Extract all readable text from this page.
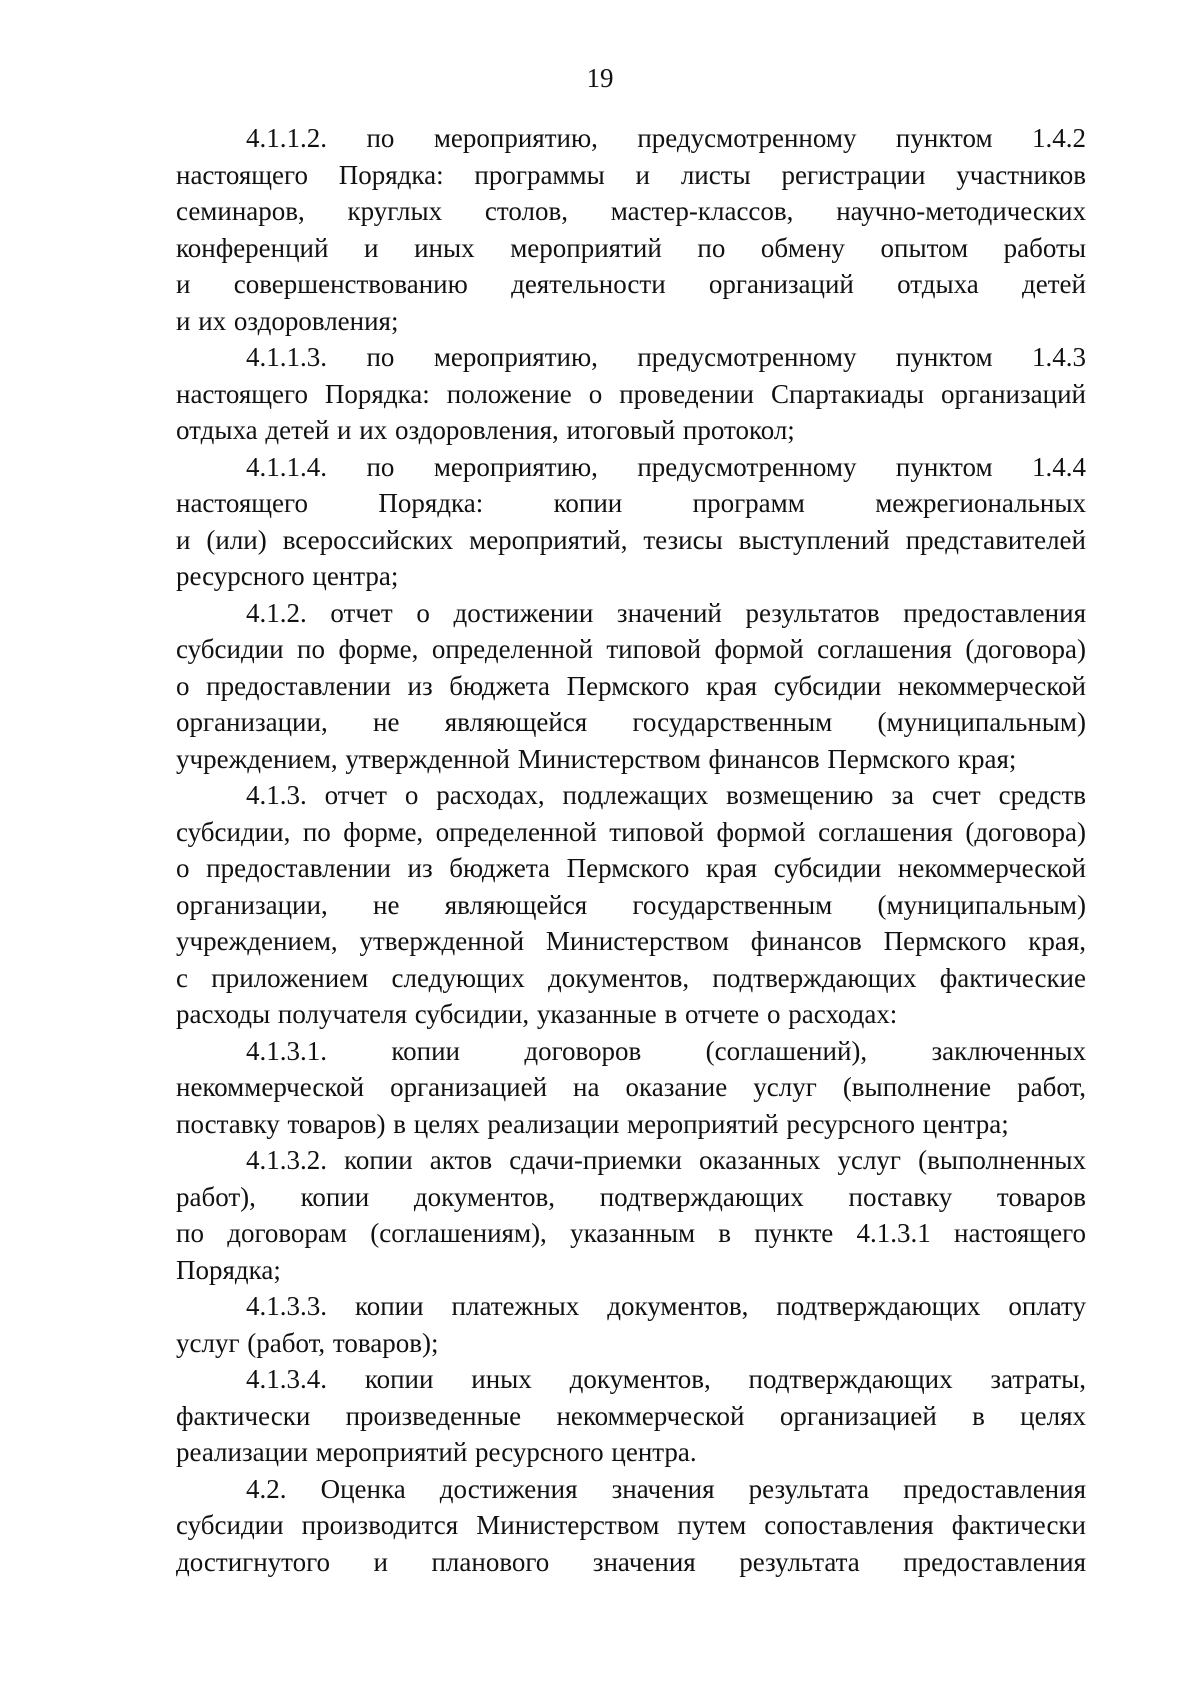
19
4.1.1.2. по мероприятию, предусмотренному пунктом 1.4.2
настоящего Порядка: программы и листы регистрации участников
семинаров, круглых столов, мастер-классов, научно-методических
конференций и иных мероприятий по обмену опытом работы
и совершенствованию деятельности организаций отдыха детей
и их оздоровления;
4.1.1.3. по мероприятию, предусмотренному пунктом 1.4.3
настоящего Порядка: положение о проведении Спартакиады организаций
отдыха детей и их оздоровления, итоговый протокол;
4.1.1.4. по мероприятию, предусмотренному пунктом 1.4.4
настоящего Порядка: копии программ межрегиональных
и (или) всероссийских мероприятий, тезисы выступлений представителей
ресурсного центра;
4.1.2. отчет о достижении значений результатов предоставления
субсидии по форме, определенной типовой формой соглашения (договора)
о предоставлении из бюджета Пермского края субсидии некоммерческой
организации, не являющейся государственным (муниципальным)
учреждением, утвержденной Министерством финансов Пермского края;
4.1.3. отчет о расходах, подлежащих возмещению за счет средств
субсидии, по форме, определенной типовой формой соглашения (договора)
о предоставлении из бюджета Пермского края субсидии некоммерческой
организации, не являющейся государственным (муниципальным)
учреждением, утвержденной Министерством финансов Пермского края,
с приложением следующих документов, подтверждающих фактические
расходы получателя субсидии, указанные в отчете о расходах:
4.1.3.1. копии договоров (соглашений), заключенных
некоммерческой организацией на оказание услуг (выполнение работ,
поставку товаров) в целях реализации мероприятий ресурсного центра;
4.1.3.2. копии актов сдачи-приемки оказанных услуг (выполненных
работ), копии документов, подтверждающих поставку товаров
по договорам (соглашениям), указанным в пункте 4.1.3.1 настоящего
Порядка;
4.1.3.3. копии платежных документов, подтверждающих оплату
услуг (работ, товаров);
4.1.3.4. копии иных документов, подтверждающих затраты,
фактически произведенные некоммерческой организацией в целях
реализации мероприятий ресурсного центра.
4.2. Оценка достижения значения результата предоставления
субсидии производится Министерством путем сопоставления фактически
достигнутого и планового значения результата предоставления
